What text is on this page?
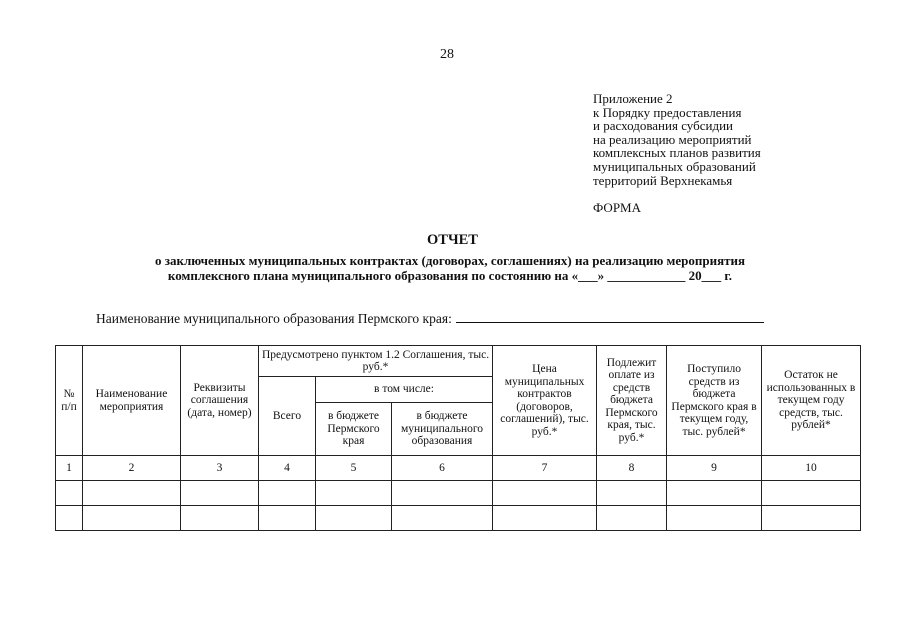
28
Приложение 2
к Порядку предоставления
и расходования субсидии
на реализацию мероприятий
комплексных планов развития
муниципальных образований
территорий Верхнекамья
ФОРМА
ОТЧЕТ
о заключенных муниципальных контрактах (договорах, соглашениях) на реализацию мероприятия
комплексного плана муниципального образования по состоянию на «___» ____________ 20___ г.
Наименование муниципального образования Пермского края:
№ п/п	Наименование мероприятия	Реквизиты соглашения (дата, номер)	Предусмотрено пунктом 1.2 Соглашения, тыс. руб.*			Цена муниципальных контрактов (договоров, соглашений), тыс. руб.*	Подлежит оплате из средств бюджета Пермского края, тыс. руб.*	Поступило средств из бюджета Пермского края в текущем году, тыс. рублей*	Остаток не использованных в текущем году средств, тыс. рублей*
			Всего	в том числе:					
				в бюджете Пермского края	в бюджете муниципального образования				
1	2	3	4	5	6	7	8	9	10
